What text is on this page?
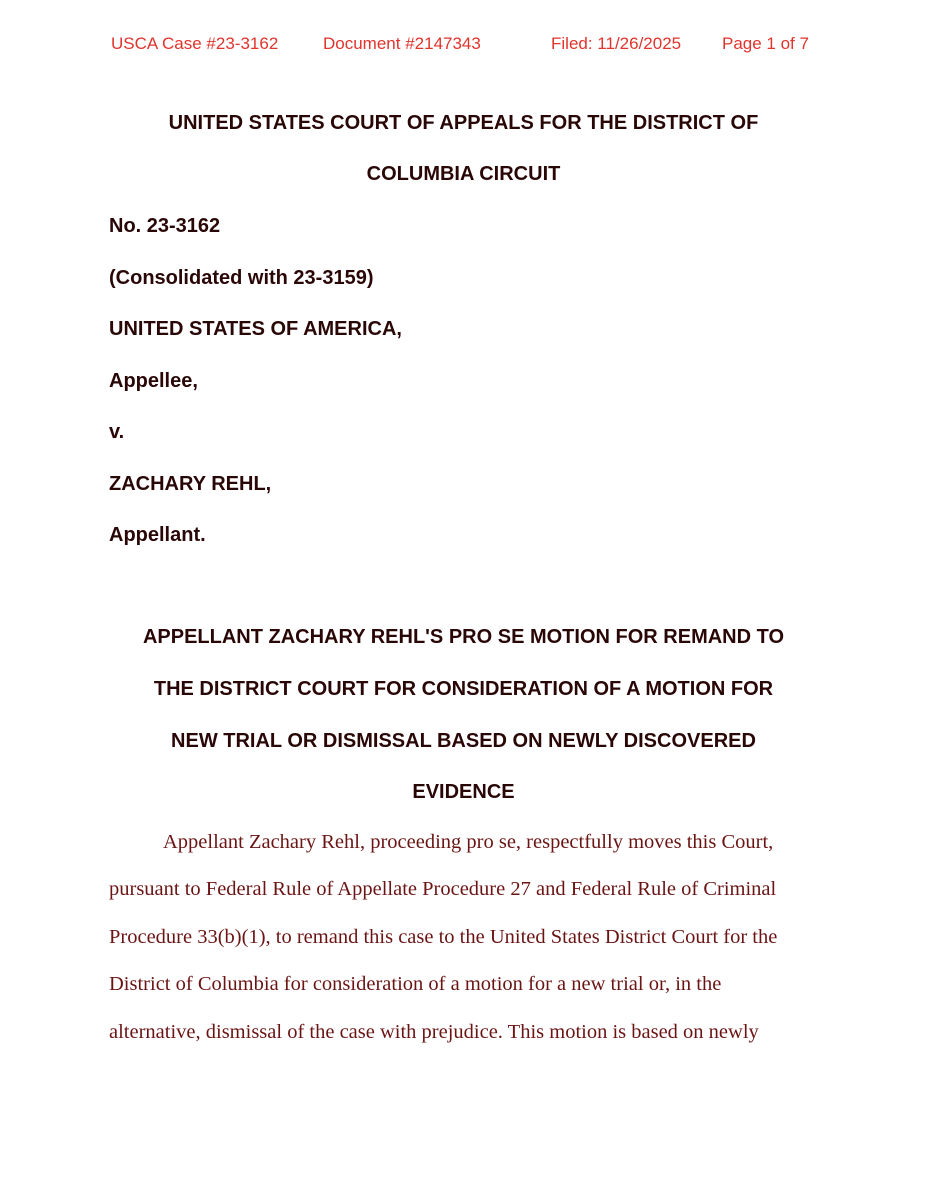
USCA Case #23-3162	Document #2147343	Filed: 11/26/2025 Page 1 of 7
UNITED STATES COURT OF APPEALS FOR THE DISTRICT OF
COLUMBIA CIRCUIT
No. 23-3162
(Consolidated with 23-3159)
UNITED STATES OF AMERICA,
Appellee,
v.
ZACHARY REHL,
Appellant.
APPELLANT ZACHARY REHL'S PRO SE MOTION FOR REMAND TO
THE DISTRICT COURT FOR CONSIDERATION OF A MOTION FOR
NEW TRIAL OR DISMISSAL BASED ON NEWLY DISCOVERED
EVIDENCE
Appellant Zachary Rehl, proceeding pro se, respectfully moves this Court,
pursuant to Federal Rule of Appellate Procedure 27 and Federal Rule of Criminal
Procedure 33(b)(1), to remand this case to the United States District Court for the
District of Columbia for consideration of a motion for a new trial or, in the
alternative, dismissal of the case with prejudice. This motion is based on newly
